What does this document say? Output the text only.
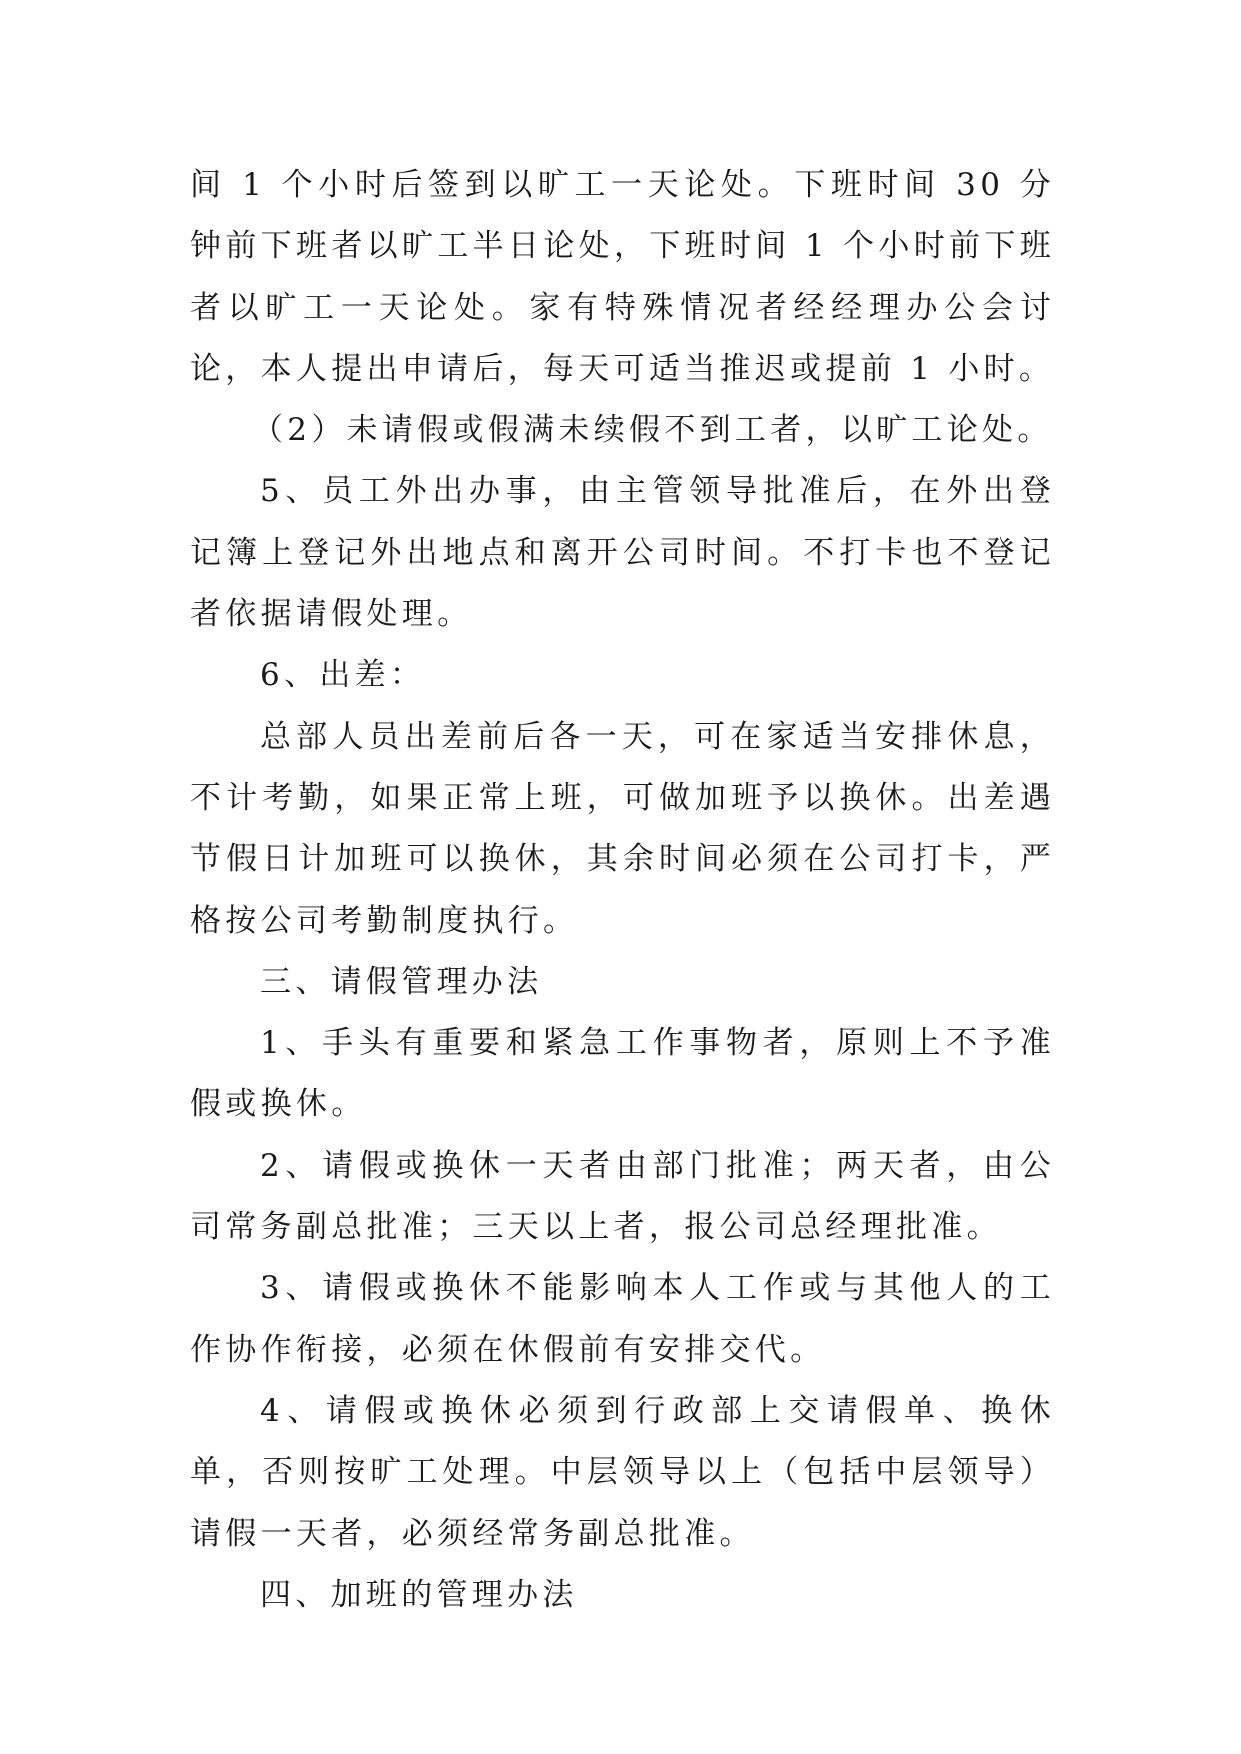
间 1 个小时后签到以旷工一天论处。下班时间 30 分钟前下班者以旷工半日论处，下班时间 1 个小时前下班者以旷工一天论处。家有特殊情况者经经理办公会讨论，本人提出申请后，每天可适当推迟或提前 1 小时。

（2）未请假或假满未续假不到工者，以旷工论处。

5、员工外出办事，由主管领导批准后，在外出登记簿上登记外出地点和离开公司时间。不打卡也不登记者依据请假处理。

6、出差：

总部人员出差前后各一天，可在家适当安排休息，不计考勤，如果正常上班，可做加班予以换休。出差遇节假日计加班可以换休，其余时间必须在公司打卡，严格按公司考勤制度执行。

三、请假管理办法

1、手头有重要和紧急工作事物者，原则上不予准假或换休。

2、请假或换休一天者由部门批准；两天者，由公司常务副总批准；三天以上者，报公司总经理批准。

3、请假或换休不能影响本人工作或与其他人的工作协作衔接，必须在休假前有安排交代。

4、请假或换休必须到行政部上交请假单、换休单，否则按旷工处理。中层领导以上（包括中层领导）请假一天者，必须经常务副总批准。

四、加班的管理办法
